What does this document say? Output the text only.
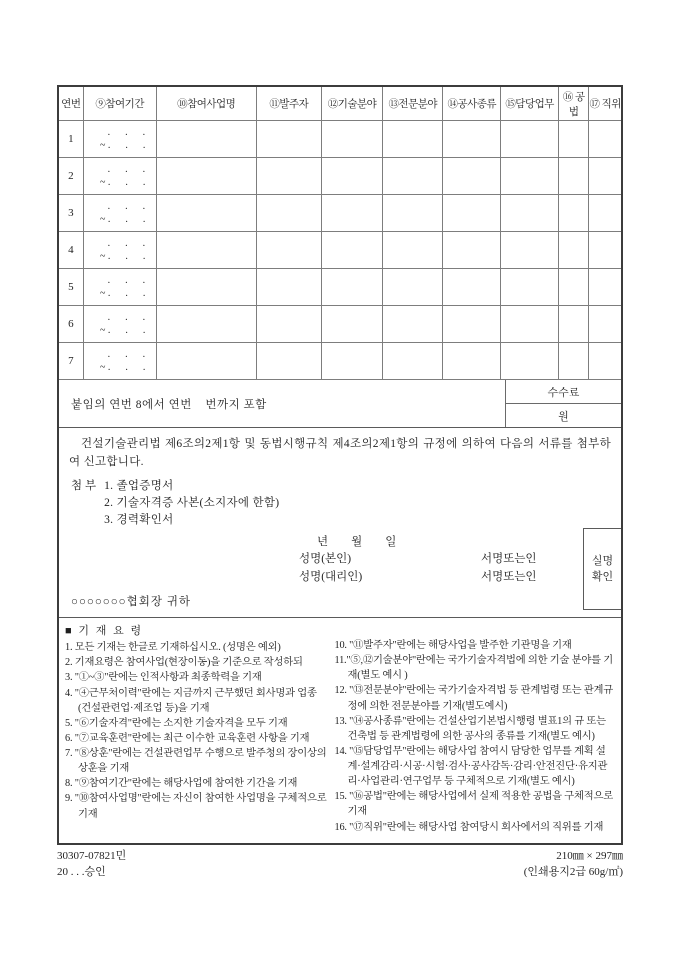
연번	⑨참여기간	⑩참여사업명	⑪발주자	⑫기술분야	⑬전문분야	⑭공사종류	⑮담당업무	⑯ 공법	⑰ 직위
1	.      .      .
~ .      .      .								

2	.      .      .
~ .      .      .								

3	.      .      .
~ .      .      .								

4	.      .      .
~ .      .      .								

5	.      .      .
~ .      .      .								

6	.      .      .
~ .      .      .								

7	.      .      .
~ .      .      .								

붙임의 연번 8에서 연번    번까지 포함
수수료
원

건설기술관리법 제6조의2제1항 및 동법시행규칙 제4조의2제1항의 규정에 의하여 다음의 서류를 첨부하여 신고합니다.

첨 부 1. 졸업증명서
2. 기술자격증 사본(소지자에 한함)
3. 경력확인서
년        월        일
성명(본인)	서명또는인
성명(대리인)	서명또는인
실명
확인
○○○○○○○협회장 귀하
■ 기 재 요 령
1. 모든 기재는 한글로 기재하십시오. (성명은 예외)
2. 기재요령은 참여사업(현장이동)을 기준으로 작성하되
3. "①~③"란에는 인적사항과 최종학력을 기재
4. "④근무처이력"란에는 지금까지 근무했던 회사명과 업종 (건설관련업·제조업 등)을 기재
5. "⑥기술자격"란에는 소지한 기술자격을 모두 기재
6. "⑦교육훈련"란에는 최근 이수한 교육훈련 사항을 기재
7. "⑧상훈"란에는 건설관련업무 수행으로 발주청의 장이상의 상훈을 기재
8. "⑨참여기간"란에는 해당사업에 참여한 기간을 기재
9. "⑩참여사업명"란에는 자신이 참여한 사업명을 구체적으로 기재
10. "⑪발주자"란에는 해당사업을 발주한 기관명을 기재
11."⑤,⑫기술분야"란에는 국가기술자격법에 의한 기술 분야를 기재(별도 예시 )
12. "⑬전문분야"란에는 국가기술자격법 등 관계법령 또는 관계규정에 의한 전문분야를 기재(별도예시)
13. "⑭공사종류"란에는 건설산업기본법시행령 별표1의 규 또는 건축법 등 관계법령에 의한 공사의 종류를 기재(별도 예시)
14. "⑮담당업무"란에는 해당사업 참여시 담당한 업무를 계획 설계·설계감리·시공·시험·검사·공사감독·감리·안전진단·유지관리·사업관리·연구업무 등 구체적으로 기재(별도 예시)
15. "⑯공법"란에는 해당사업에서 실제 적용한 공법을 구체적으로 기재
16. "⑰직위"란에는 해당사업 참여당시 회사에서의 직위를 기재
30307-07821민
20 . . .승인
210㎜ × 297㎜
(인쇄용지2급 60g/㎡)
